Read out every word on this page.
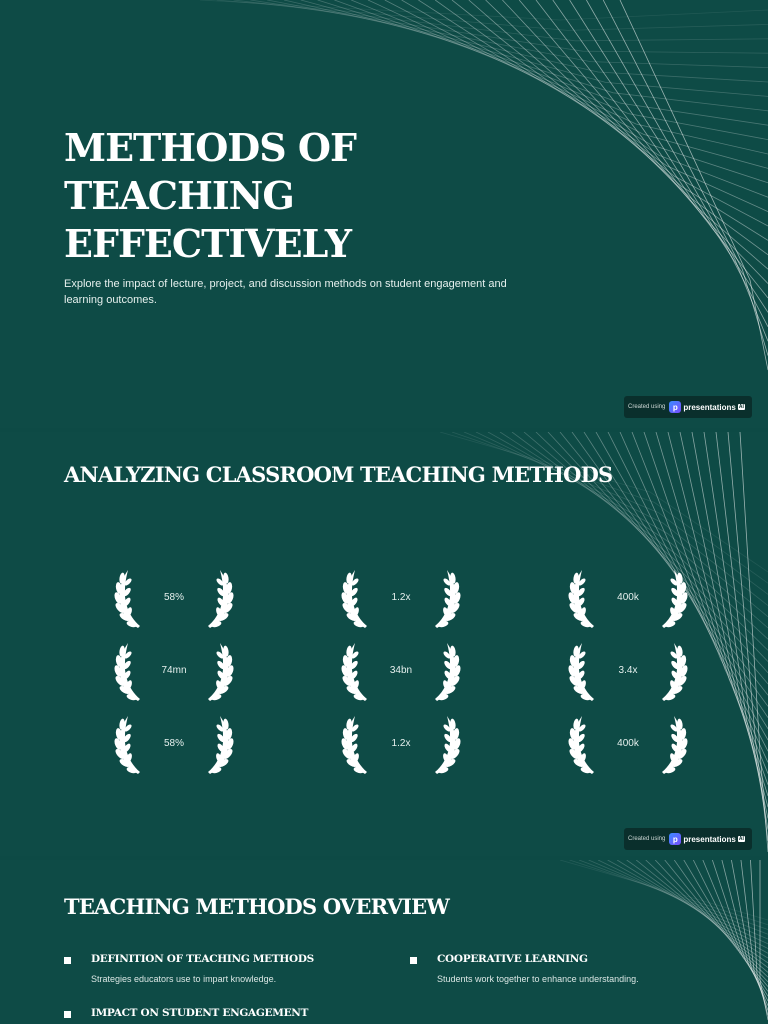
METHODS OF
TEACHING
EFFECTIVELY
Explore the impact of lecture, project, and discussion methods on student engagement and learning outcomes.
Created using p presentations AI
ANALYZING CLASSROOM TEACHING METHODS
58%	1.2x	400k
74mn	34bn	3.4x
58%	1.2x	400k
Created using p presentations AI
TEACHING METHODS OVERVIEW
DEFINITION OF TEACHING METHODS
Strategies educators use to impart knowledge.
COOPERATIVE LEARNING
Students work together to enhance understanding.
IMPACT ON STUDENT ENGAGEMENT
